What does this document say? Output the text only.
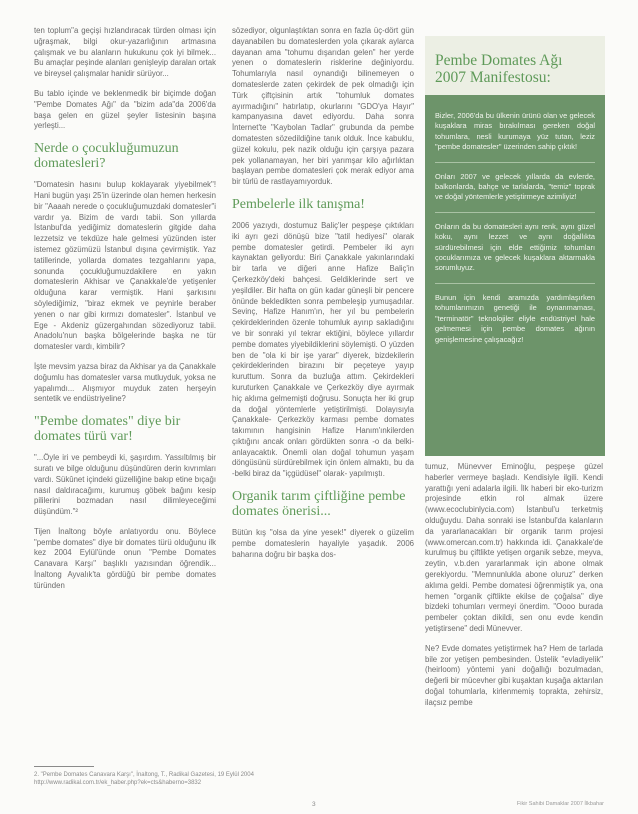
ten toplum"a geçişi hızlandıracak türden olması için uğraşmak, bilgi okur-yazarlığının artmasına çalışmak ve bu alanların hukukunu çok iyi bilmek... Bu amaçlar peşinde alanları genişleyip daralan ortak ve bireysel çalışmalar hanidir sürüyor...

Bu tablo içinde ve beklenmedik bir biçimde doğan "Pembe Domates Ağı" da "bizim ada"da 2006'da başa gelen en güzel şeyler listesinin başına yerleşti...

Nerde o çocukluğumuzun domatesleri?

"Domatesin hasını bulup koklayarak yiyebilmek"! Hani bugün yaşı 25'in üzerinde olan hemen herkesin bir "Aaaah nerede o çocukluğumuzdaki domatesler"i vardır ya. Bizim de vardı tabii. Son yıllarda İstanbul'da yediğimiz domateslerin gitgide daha lezzetsiz ve tekdüze hale gelmesi yüzünden ister istemez gözümüzü İstanbul dışına çevirmiştik. Yaz tatillerinde, yollarda domates tezgahlarını yapa, sonunda çocukluğumuzdakilere en yakın domateslerin Akhisar ve Çanakkale'de yetişenler olduğuna karar vermiştik. Hani şarkısını söylediğimiz, "biraz ekmek ve peynirle beraber yenen o nar gibi kırmızı domatesler". İstanbul ve Ege - Akdeniz güzergahından sözediyoruz tabii. Anadolu'nun başka bölgelerinde başka ne tür domatesler vardı, kimbilir?

İşte mevsim yazsa biraz da Akhisar ya da Çanakkale doğumlu has domatesler varsa mutluyduk, yoksa ne yapalımdı... Alışmıyor muyduk zaten herşeyin sentetik ve endüstriyeline?

"Pembe domates" diye bir domates türü var!

"...Öyle iri ve pembeydi ki, şaşırdım. Yassıltılmış bir suratı ve bilge olduğunu düşündüren derin kıvrımları vardı. Sükûnet içindeki güzelliğine bakıp etine bıçağı nasıl daldıracağımı, kurumuş göbek bağını kesip pililerini bozmadan nasıl dilimleyeceğimi düşündüm."²

Tijen İnaltong böyle anlatıyordu onu. Böylece "pembe domates" diye bir domates türü olduğunu ilk kez 2004 Eylül'ünde onun "Pembe Domates Canavara Karşı" başlıklı yazısından öğrendik... İnaltong Ayvalık'ta gördüğü bir pembe domates türünden

sözediyor, olgunlaştıktan sonra en fazla üç-dört gün dayanabilen bu domateslerden yola çıkarak aylarca dayanan ama "tohumu dışarıdan gelen" her yerde yenen o domateslerin risklerine değiniyordu. Tohumlarıyla nasıl oynandığı bilinemeyen o domateslerde zaten çekirdek de pek olmadığı için Türk çiftçisinin artık "tohumluk domates ayırmadığını" hatırlatıp, okurlarını "GDO'ya Hayır" kampanyasına davet ediyordu. Daha sonra İnternet'te "Kaybolan Tadlar" grubunda da pembe domatesten sözedildiğine tanık olduk. İnce kabuklu, güzel kokulu, pek nazik olduğu için çarşıya pazara pek yollanamayan, her biri yarımşar kilo ağırlıktan başlayan pembe domatesleri çok merak ediyor ama bir türlü de rastlayamıyorduk.

Pembelerle ilk tanışma!

2006 yazıydı, dostumuz Baliç'ler peşpeşe çıktıkları iki ayrı gezi dönüşü bize "tatil hediyesi" olarak pembe domatesler getirdi. Pembeler iki ayrı kaynaktan geliyordu: Biri Çanakkale yakınlarındaki bir tarla ve diğeri anne Hafize Baliç'in Çerkezköy'deki bahçesi. Geldiklerinde sert ve yeşildiler. Bir hafta on gün kadar güneşli bir pencere önünde bekledikten sonra pembeleşip yumuşadılar. Sevinç, Hafize Hanım'ın, her yıl bu pembelerin çekirdeklerinden özenle tohumluk ayırıp sakladığını ve bir sonraki yıl tekrar ektiğini, böylece yıllardır pembe domates yiyebildiklerini söylemişti. O yüzden ben de "ola ki bir işe yarar" diyerek, bizdekilerin çekirdeklerinden birazını bir peçeteye yayıp kuruttum. Sonra da buzluğa attım. Çekirdekleri kuruturken Çanakkale ve Çerkezköy diye ayırmak hiç aklıma gelmemişti doğrusu. Sonuçta her iki grup da doğal yöntemlerle yetiştirilmişti. Dolayısıyla Çanakkale- Çerkezköy karması pembe domates takımının hangisinin Hafize Hanım'ınkilerden çıktığını ancak onları gördükten sonra -o da belki- anlayacaktık. Önemli olan doğal tohumun yaşam döngüsünü sürdürebilmek için önlem almaktı, bu da -belki biraz da "içgüdüsel" olarak- yapılmıştı.

Organik tarım çiftliğine pembe domates önerisi...

Bütün kış "olsa da yine yesek!" diyerek o güzelim pembe domateslerin hayaliyle yaşadık. 2006 baharına doğru bir başka dos-

Pembe Domates Ağı 2007 Manifestosu:

Bizler, 2006'da bu ülkenin ürünü olan ve gelecek kuşaklara miras bırakılması gereken doğal tohumlara, nesli kurumaya yüz tutan, leziz "pembe domatesler" üzerinden sahip çıktık!

Onları 2007 ve gelecek yıllarda da evlerde, balkonlarda, bahçe ve tarlalarda, "temiz" toprak ve doğal yöntemlerle yetiştirmeye azimliyiz!

Onların da bu domatesleri aynı renk, aynı güzel koku, aynı lezzet ve aynı doğallıkta sürdürebilmesi için elde ettiğimiz tohumları çocuklarımıza ve gelecek kuşaklara aktarmakla sorumluyuz.

Bunun için kendi aramızda yardımlaşırken tohumlarımızın genetiği ile oynanmaması, "terminatör" teknolojiler eliyle endüstriyel hale gelmemesi için pembe domates ağının genişlemesine çalışacağız!

tumuz, Münevver Eminoğlu, peşpeşe güzel haberler vermeye başladı. Kendisiyle ilgili. Kendi yarattığı yeni adalarla ilgili. İlk haberi bir eko-turizm projesinde etkin rol almak üzere (www.ecoclubinlycia.com) İstanbul'u terketmiş olduğuydu. Daha sonraki ise İstanbul'da kalanların da yararlanacakları bir organik tarım projesi (www.omercan.com.tr) hakkında idi. Çanakkale'de kurulmuş bu çiftlikte yetişen organik sebze, meyva, zeytin, v.b.den yararlanmak için abone olmak gerekiyordu. "Memnunlukla abone oluruz" derken aklıma geldi. Pembe domatesi öğrenmiştik ya, ona hemen "organik çiftlikte ekilse de çoğalsa" diye bizdeki tohumları vermeyi önerdim. "Oooo burada pembeler çoktan dikildi, sen onu evde kendin yetiştirsene" dedi Münevver.

Ne? Evde domates yetiştirmek ha? Hem de tarlada bile zor yetişen pembesinden. Üstelik "evladiyelik" (heirloom) yöntemi yani doğallığı bozulmadan, değerli bir mücevher gibi kuşaktan kuşağa aktarılan doğal tohumlarla, kirlenmemiş toprakta, zehirsiz, ilaçsız pembe

2. "Pembe Domates Canavara Karşı", İnaltong, T., Radikal Gazetesi, 19 Eylül 2004
http://www.radikal.com.tr/ek_haber.php?ek=cts&haberno=3832
3	Fikir Sahibi Damaklar 2007 İlkbahar
